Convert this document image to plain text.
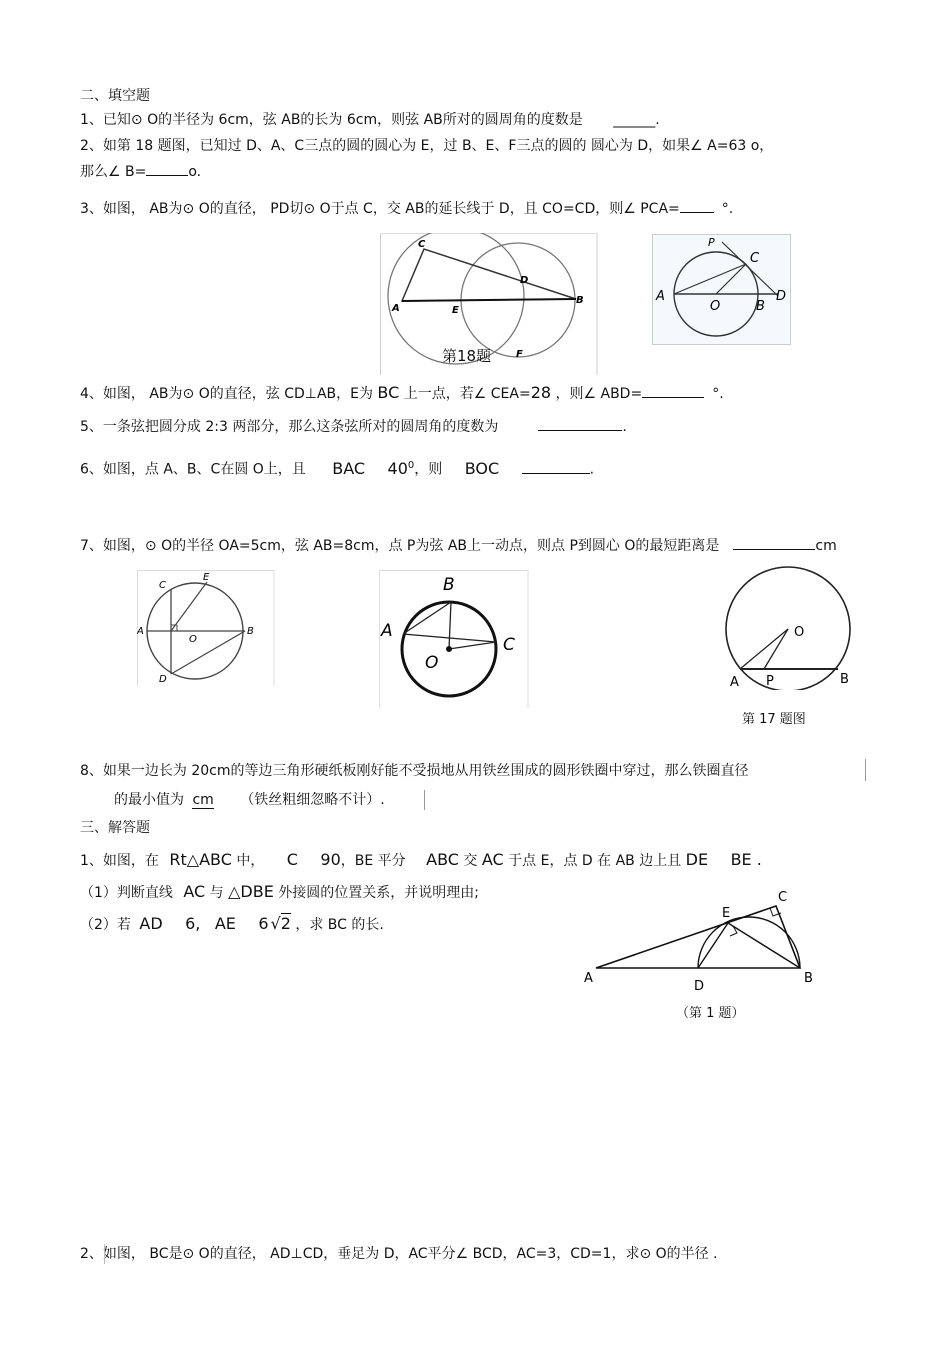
二、填空题
1、已知⊙ O的半径为 6cm，弦 AB的长为 6cm，则弦 AB所对的圆周角的度数是 ______.
2、如第 18 题图，已知过 D、A、C三点的圆的圆心为 E，过 B、E、F三点的圆的 圆心为 D，如果∠ A=63 o，
那么∠ B=	o.
3、如图， AB为⊙ O的直径， PD切⊙ O于点 C，交 AB的延长线于 D，且 CO=CD，则∠ PCA=	°.
A
C
D
E
B
F
第18题
P
C
A
O	B
D
4、如图， AB为⊙ O的直径，弦 CD⊥AB，E为 BC 上一点，若∠ CEA=28 ，则∠ ABD=	°.
5、一条弦把圆分成 2:3 两部分，那么这条弦所对的圆周角的度数为	.
6、如图，点 A、B、C在圆 O上，且 BAC $40^0$，则 BOC	.
7、如图，⊙ O的半径 OA=5cm，弦 AB=8cm，点 P为弦 AB上一动点，则点 P到圆心 O的最短距离是	cm
C
E
A
O
B
D
B
A
C
O
O
A P	B
第 17 题图
8、如果一边长为 20cm的等边三角形硬纸板刚好能不受损地从用铁丝围成的圆形铁圈中穿过，那么铁圈直径
的最小值为 cm （铁丝粗细忽略不计）.
三、解答题
1、如图，在 Rt△ABC 中， C 90，BE 平分 ABC 交 AC 于点 E，点 D 在 AB 边上且 DE BE .
（1）判断直线 AC 与 △DBE 外接圆的位置关系，并说明理由;
（2）若 AD 6, AE 6 √2 ，求 BC 的长.
A
E
C
D
B
（第 1 题）
2、如图， BC是⊙ O的直径， AD⊥CD，垂足为 D，AC平分∠ BCD，AC=3，CD=1，求⊙ O的半径 .
